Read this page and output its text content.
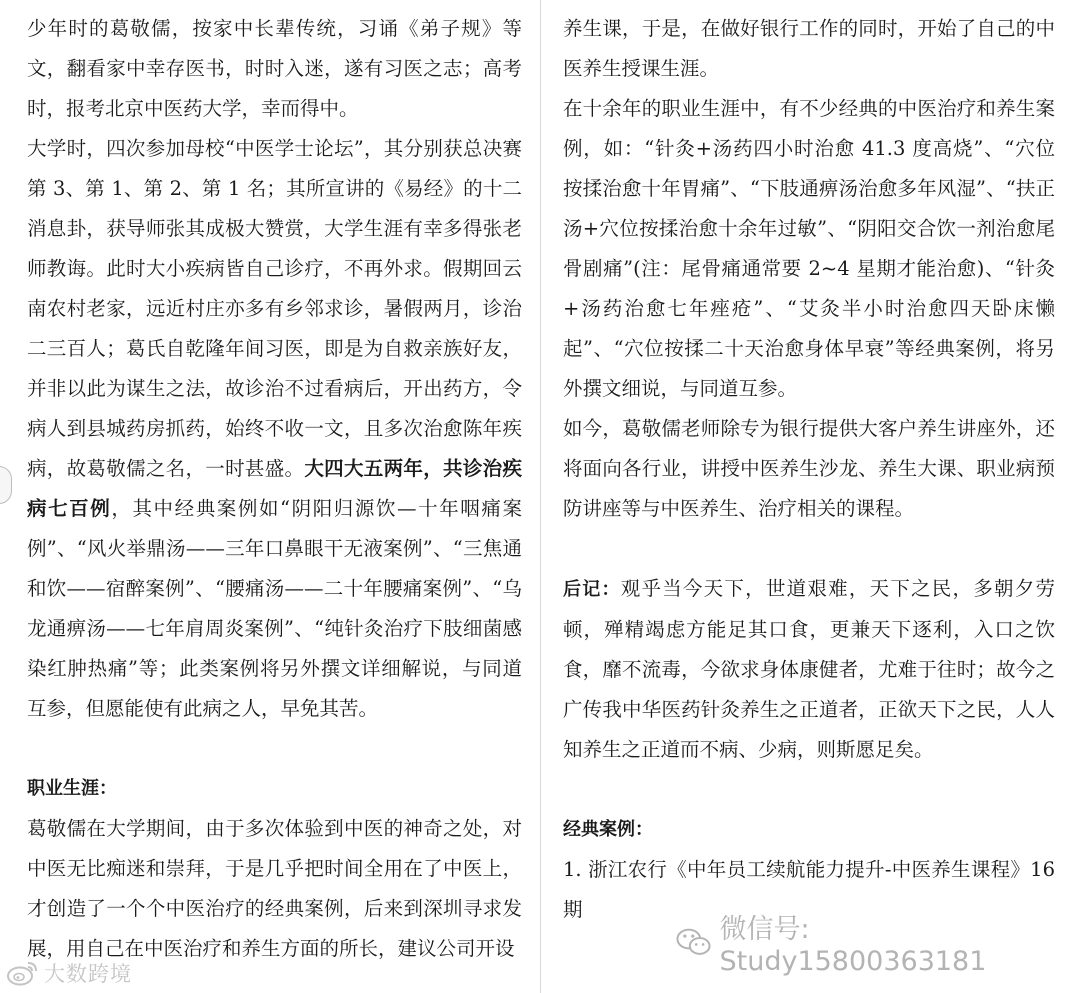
少年时的葛敬儒，按家中长辈传统，习诵《弟子规》等文，翻看家中幸存医书，时时入迷，遂有习医之志；高考时，报考北京中医药大学，幸而得中。

大学时，四次参加母校“中医学士论坛”，其分别获总决赛第 3、第 1、第 2、第 1 名；其所宣讲的《易经》的十二消息卦，获导师张其成极大赞赏，大学生涯有幸多得张老师教诲。此时大小疾病皆自己诊疗，不再外求。假期回云南农村老家，远近村庄亦多有乡邻求诊，暑假两月，诊治二三百人；葛氏自乾隆年间习医，即是为自救亲族好友，并非以此为谋生之法，故诊治不过看病后，开出药方，令病人到县城药房抓药，始终不收一文，且多次治愈陈年疾病，故葛敬儒之名，一时甚盛。大四大五两年，共诊治疾病七百例，其中经典案例如“阴阳归源饮—十年咽痛案例”、“风火举鼎汤——三年口鼻眼干无液案例”、“三焦通和饮——宿醉案例”、“腰痛汤——二十年腰痛案例”、“乌龙通痹汤——七年肩周炎案例”、“纯针灸治疗下肢细菌感染红肿热痛”等；此类案例将另外撰文详细解说，与同道互参，但愿能使有此病之人，早免其苦。

职业生涯：

葛敬儒在大学期间，由于多次体验到中医的神奇之处，对中医无比痴迷和崇拜，于是几乎把时间全用在了中医上，才创造了一个个中医治疗的经典案例，后来到深圳寻求发展，用自己在中医治疗和养生方面的所长，建议公司开设

养生课，于是，在做好银行工作的同时，开始了自己的中医养生授课生涯。

在十余年的职业生涯中，有不少经典的中医治疗和养生案例，如：“针灸+汤药四小时治愈 41.3 度高烧”、“穴位按揉治愈十年胃痛”、“下肢通痹汤治愈多年风湿”、“扶正汤+穴位按揉治愈十余年过敏”、“阴阳交合饮一剂治愈尾骨剧痛”(注：尾骨痛通常要 2~4 星期才能治愈)、“针灸+汤药治愈七年痤疮”、“艾灸半小时治愈四天卧床懒起”、“穴位按揉二十天治愈身体早衰”等经典案例，将另外撰文细说，与同道互参。

如今，葛敬儒老师除专为银行提供大客户养生讲座外，还将面向各行业，讲授中医养生沙龙、养生大课、职业病预防讲座等与中医养生、治疗相关的课程。

后记：观乎当今天下，世道艰难，天下之民，多朝夕劳顿，殚精竭虑方能足其口食，更兼天下逐利，入口之饮食，靡不流毒，今欲求身体康健者，尤难于往时；故今之广传我中华医药针灸养生之正道者，正欲天下之民，人人知养生之正道而不病、少病，则斯愿足矣。

经典案例：

1. 浙江农行《中年员工续航能力提升-中医养生课程》16 期

微信号: Study15800363181
大数跨境
